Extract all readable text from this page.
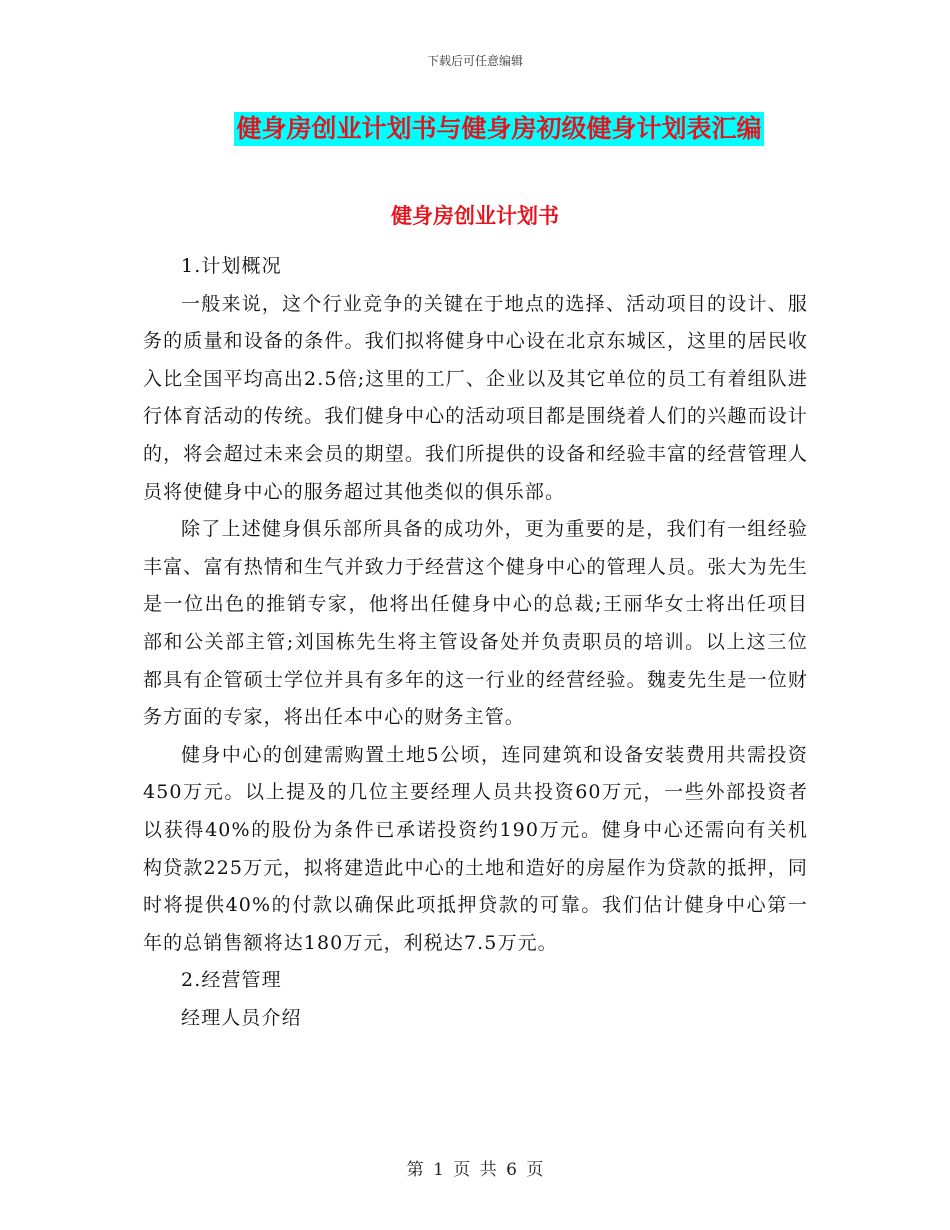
下载后可任意编辑
健身房创业计划书与健身房初级健身计划表汇编
健身房创业计划书

1.计划概况

一般来说，这个行业竞争的关键在于地点的选择、活动项目的设计、服务的质量和设备的条件。我们拟将健身中心设在北京东城区，这里的居民收入比全国平均高出2.5倍;这里的工厂、企业以及其它单位的员工有着组队进行体育活动的传统。我们健身中心的活动项目都是围绕着人们的兴趣而设计的，将会超过未来会员的期望。我们所提供的设备和经验丰富的经营管理人员将使健身中心的服务超过其他类似的俱乐部。

除了上述健身俱乐部所具备的成功外，更为重要的是，我们有一组经验丰富、富有热情和生气并致力于经营这个健身中心的管理人员。张大为先生是一位出色的推销专家，他将出任健身中心的总裁;王丽华女士将出任项目部和公关部主管;刘国栋先生将主管设备处并负责职员的培训。以上这三位都具有企管硕士学位并具有多年的这一行业的经营经验。魏麦先生是一位财务方面的专家，将出任本中心的财务主管。

健身中心的创建需购置土地5公顷，连同建筑和设备安装费用共需投资450万元。以上提及的几位主要经理人员共投资60万元，一些外部投资者以获得40%的股份为条件已承诺投资约190万元。健身中心还需向有关机构贷款225万元，拟将建造此中心的土地和造好的房屋作为贷款的抵押，同时将提供40%的付款以确保此项抵押贷款的可靠。我们估计健身中心第一年的总销售额将达180万元，利税达7.5万元。

2.经营管理

经理人员介绍

第 1 页 共 6 页
